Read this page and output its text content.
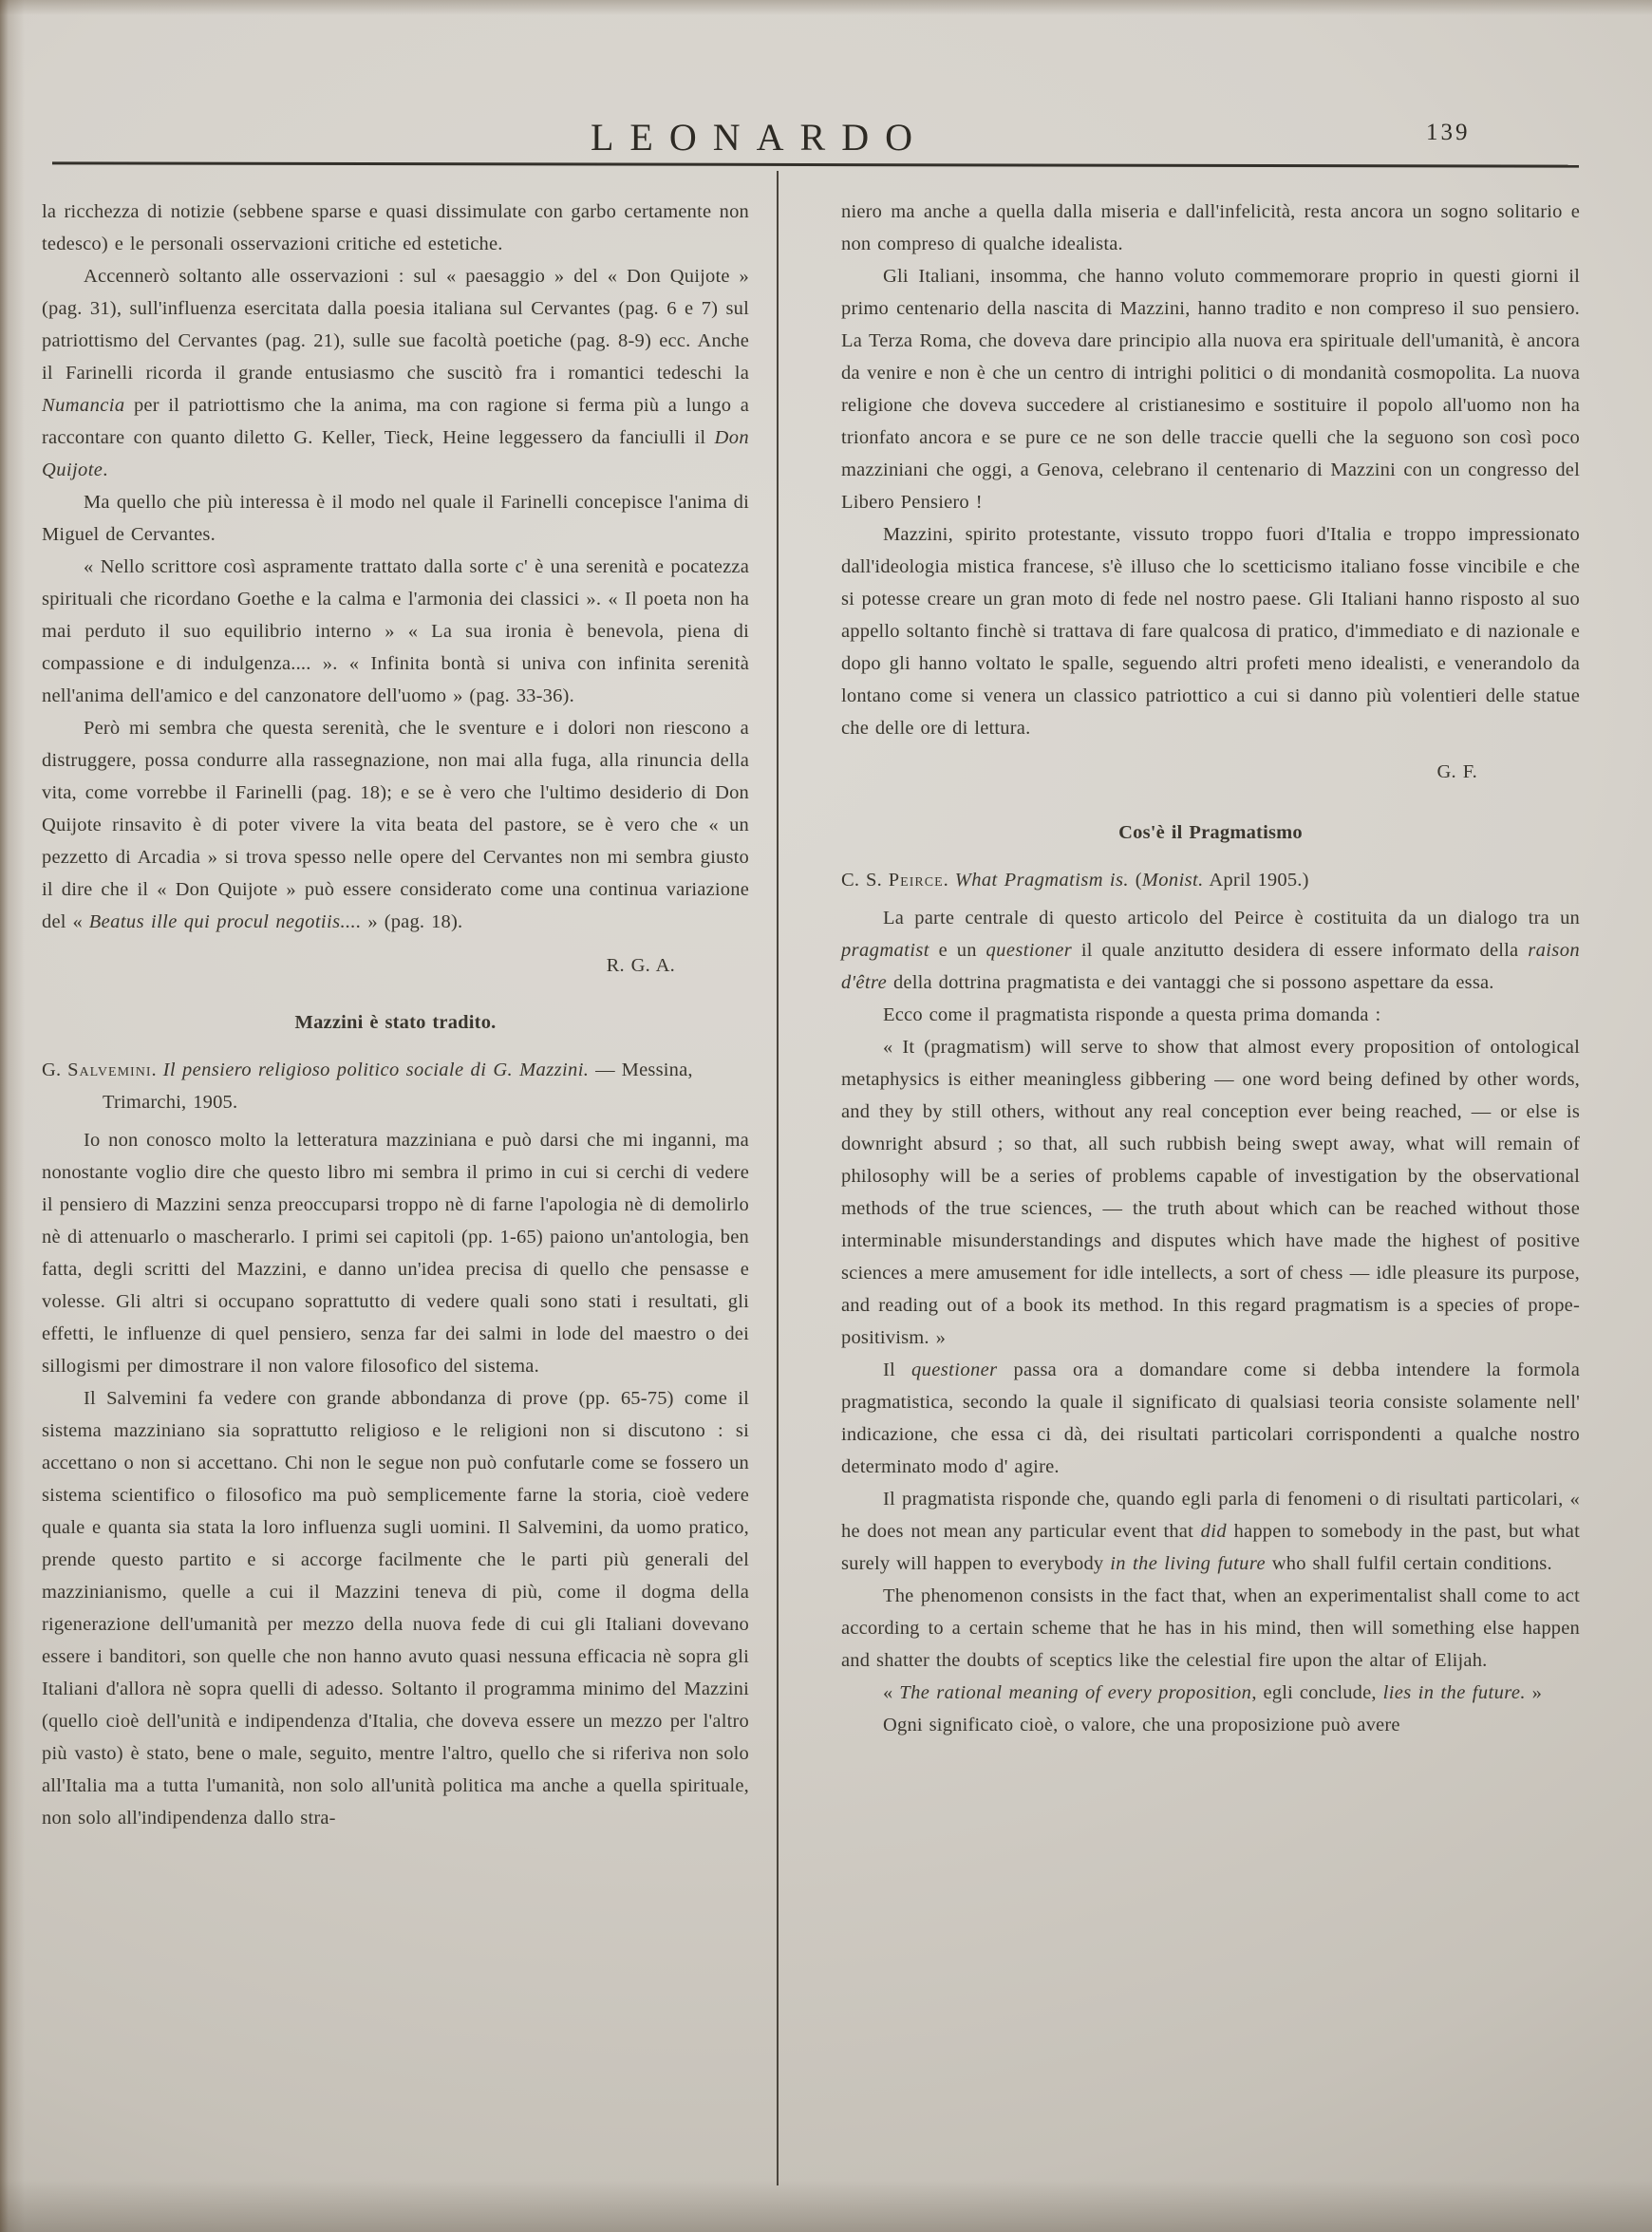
LEONARDO	139

la ricchezza di notizie (sebbene sparse e quasi dissimulate con garbo certamente non tedesco) e le personali osservazioni critiche ed estetiche.

Accennerò soltanto alle osservazioni : sul « paesaggio » del « Don Quijote » (pag. 31), sull'influenza esercitata dalla poesia italiana sul Cervantes (pag. 6 e 7) sul patriottismo del Cervantes (pag. 21), sulle sue facoltà poetiche (pag. 8-9) ecc. Anche il Farinelli ricorda il grande entusiasmo che suscitò fra i romantici tedeschi la Numancia per il patriottismo che la anima, ma con ragione si ferma più a lungo a raccontare con quanto diletto G. Keller, Tieck, Heine leggessero da fanciulli il Don Quijote.

Ma quello che più interessa è il modo nel quale il Farinelli concepisce l'anima di Miguel de Cervantes.

« Nello scrittore così aspramente trattato dalla sorte c' è una serenità e pocatezza spirituali che ricordano Goethe e la calma e l'armonia dei classici ». « Il poeta non ha mai perduto il suo equilibrio interno » « La sua ironia è benevola, piena di compassione e di indulgenza.... ». « Infinita bontà si univa con infinita serenità nell'anima dell'amico e del canzonatore dell'uomo » (pag. 33-36).

Però mi sembra che questa serenità, che le sventure e i dolori non riescono a distruggere, possa condurre alla rassegnazione, non mai alla fuga, alla rinuncia della vita, come vorrebbe il Farinelli (pag. 18); e se è vero che l'ultimo desiderio di Don Quijote rinsavito è di poter vivere la vita beata del pastore, se è vero che « un pezzetto di Arcadia » si trova spesso nelle opere del Cervantes non mi sembra giusto il dire che il « Don Quijote » può essere considerato come una continua variazione del « Beatus ille qui procul negotiis.... » (pag. 18).

R. G. A.

Mazzini è stato tradito.

G. Salvemini. Il pensiero religioso politico sociale di G. Mazzini. — Messina, Trimarchi, 1905.

Io non conosco molto la letteratura mazziniana e può darsi che mi inganni, ma nonostante voglio dire che questo libro mi sembra il primo in cui si cerchi di vedere il pensiero di Mazzini senza preoccuparsi troppo nè di farne l'apologia nè di demolirlo nè di attenuarlo o mascherarlo. I primi sei capitoli (pp. 1-65) paiono un'antologia, ben fatta, degli scritti del Mazzini, e danno un'idea precisa di quello che pensasse e volesse. Gli altri si occupano soprattutto di vedere quali sono stati i resultati, gli effetti, le influenze di quel pensiero, senza far dei salmi in lode del maestro o dei sillogismi per dimostrare il non valore filosofico del sistema.

Il Salvemini fa vedere con grande abbondanza di prove (pp. 65-75) come il sistema mazziniano sia soprattutto religioso e le religioni non si discutono : si accettano o non si accettano. Chi non le segue non può confutarle come se fossero un sistema scientifico o filosofico ma può semplicemente farne la storia, cioè vedere quale e quanta sia stata la loro influenza sugli uomini. Il Salvemini, da uomo pratico, prende questo partito e si accorge facilmente che le parti più generali del mazzinianismo, quelle a cui il Mazzini teneva di più, come il dogma della rigenerazione dell'umanità per mezzo della nuova fede di cui gli Italiani dovevano essere i banditori, son quelle che non hanno avuto quasi nessuna efficacia nè sopra gli Italiani d'allora nè sopra quelli di adesso. Soltanto il programma minimo del Mazzini (quello cioè dell'unità e indipendenza d'Italia, che doveva essere un mezzo per l'altro più vasto) è stato, bene o male, seguito, mentre l'altro, quello che si riferiva non solo all'Italia ma a tutta l'umanità, non solo all'unità politica ma anche a quella spirituale, non solo all'indipendenza dallo stra-

niero ma anche a quella dalla miseria e dall'infelicità, resta ancora un sogno solitario e non compreso di qualche idealista.

Gli Italiani, insomma, che hanno voluto commemorare proprio in questi giorni il primo centenario della nascita di Mazzini, hanno tradito e non compreso il suo pensiero. La Terza Roma, che doveva dare principio alla nuova era spirituale dell'umanità, è ancora da venire e non è che un centro di intrighi politici o di mondanità cosmopolita. La nuova religione che doveva succedere al cristianesimo e sostituire il popolo all'uomo non ha trionfato ancora e se pure ce ne son delle traccie quelli che la seguono son così poco mazziniani che oggi, a Genova, celebrano il centenario di Mazzini con un congresso del Libero Pensiero !

Mazzini, spirito protestante, vissuto troppo fuori d'Italia e troppo impressionato dall'ideologia mistica francese, s'è illuso che lo scetticismo italiano fosse vincibile e che si potesse creare un gran moto di fede nel nostro paese. Gli Italiani hanno risposto al suo appello soltanto finchè si trattava di fare qualcosa di pratico, d'immediato e di nazionale e dopo gli hanno voltato le spalle, seguendo altri profeti meno idealisti, e venerandolo da lontano come si venera un classico patriottico a cui si danno più volentieri delle statue che delle ore di lettura.

G. F.

Cos'è il Pragmatismo

C. S. Peirce. What Pragmatism is. (Monist. April 1905.)

La parte centrale di questo articolo del Peirce è costituita da un dialogo tra un pragmatist e un questioner il quale anzitutto desidera di essere informato della raison d'être della dottrina pragmatista e dei vantaggi che si possono aspettare da essa.

Ecco come il pragmatista risponde a questa prima domanda :

« It (pragmatism) will serve to show that almost every proposition of ontological metaphysics is either meaningless gibbering — one word being defined by other words, and they by still others, without any real conception ever being reached, — or else is downright absurd ; so that, all such rubbish being swept away, what will remain of philosophy will be a series of problems capable of investigation by the observational methods of the true sciences, — the truth about which can be reached without those interminable misunderstandings and disputes which have made the highest of positive sciences a mere amusement for idle intellects, a sort of chess — idle pleasure its purpose, and reading out of a book its method. In this regard pragmatism is a species of prope-positivism. »

Il questioner passa ora a domandare come si debba intendere la formola pragmatistica, secondo la quale il significato di qualsiasi teoria consiste solamente nell' indicazione, che essa ci dà, dei risultati particolari corrispondenti a qualche nostro determinato modo d' agire.

Il pragmatista risponde che, quando egli parla di fenomeni o di risultati particolari, « he does not mean any particular event that did happen to somebody in the past, but what surely will happen to everybody in the living future who shall fulfil certain conditions.

The phenomenon consists in the fact that, when an experimentalist shall come to act according to a certain scheme that he has in his mind, then will something else happen and shatter the doubts of sceptics like the celestial fire upon the altar of Elijah.

« The rational meaning of every proposition, egli conclude, lies in the future. »

Ogni significato cioè, o valore, che una proposizione può avere
